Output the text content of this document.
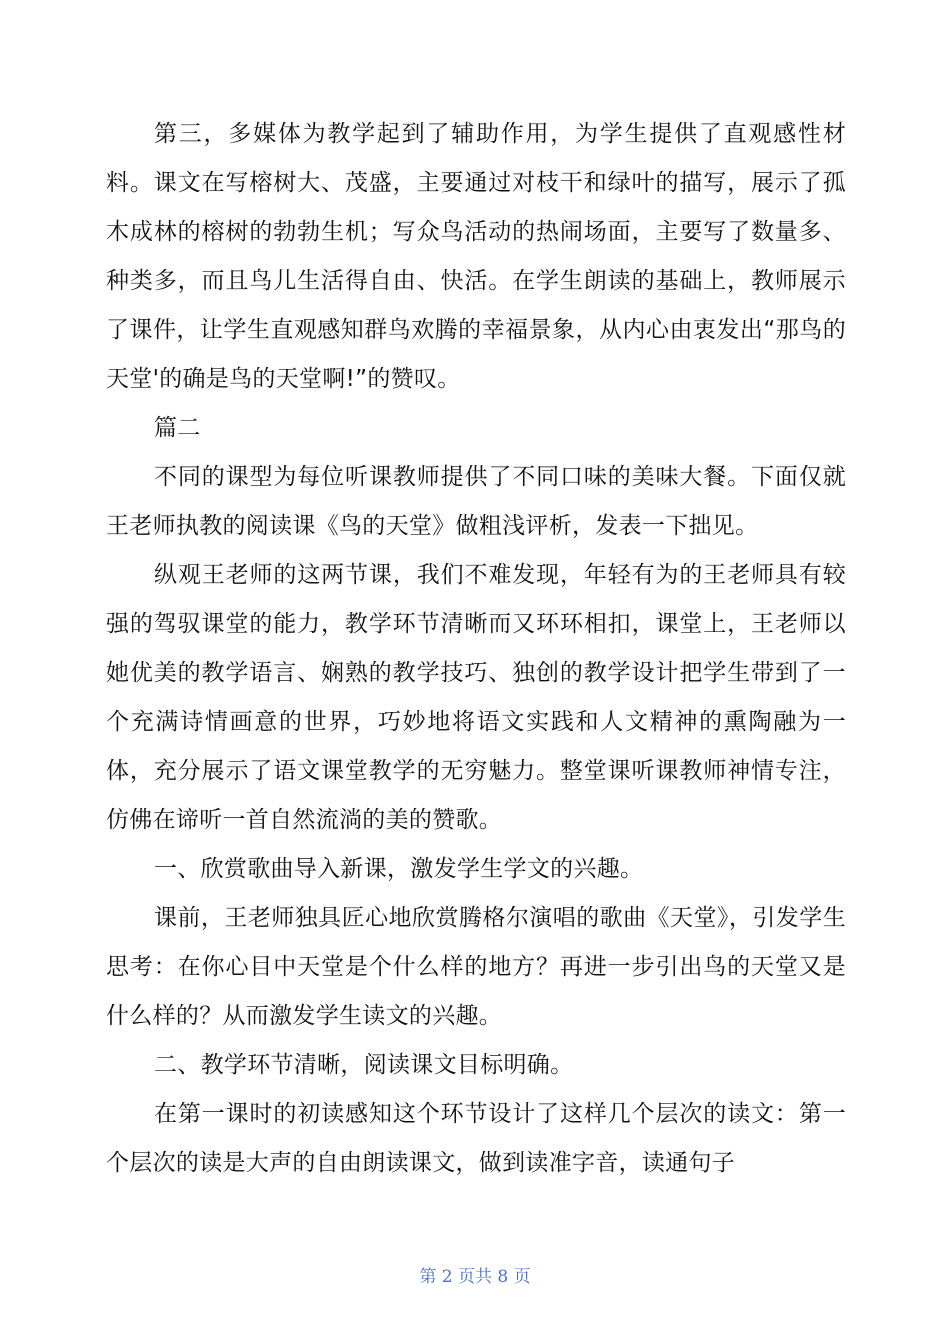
第三，多媒体为教学起到了辅助作用，为学生提供了直观感性材料。课文在写榕树大、茂盛，主要通过对枝干和绿叶的描写，展示了孤木成林的榕树的勃勃生机；写众鸟活动的热闹场面，主要写了数量多、种类多，而且鸟儿生活得自由、快活。在学生朗读的基础上，教师展示了课件，让学生直观感知群鸟欢腾的幸福景象，从内心由衷发出“那鸟的天堂'的确是鸟的天堂啊!”的赞叹。

篇二

不同的课型为每位听课教师提供了不同口味的美味大餐。下面仅就王老师执教的阅读课《鸟的天堂》做粗浅评析，发表一下拙见。

纵观王老师的这两节课，我们不难发现，年轻有为的王老师具有较强的驾驭课堂的能力，教学环节清晰而又环环相扣，课堂上，王老师以她优美的教学语言、娴熟的教学技巧、独创的教学设计把学生带到了一个充满诗情画意的世界，巧妙地将语文实践和人文精神的熏陶融为一体，充分展示了语文课堂教学的无穷魅力。整堂课听课教师神情专注，仿佛在谛听一首自然流淌的美的赞歌。

一、欣赏歌曲导入新课，激发学生学文的兴趣。

课前，王老师独具匠心地欣赏腾格尔演唱的歌曲《天堂》，引发学生思考：在你心目中天堂是个什么样的地方？再进一步引出鸟的天堂又是什么样的？从而激发学生读文的兴趣。

二、教学环节清晰，阅读课文目标明确。

在第一课时的初读感知这个环节设计了这样几个层次的读文：第一个层次的读是大声的自由朗读课文，做到读准字音，读通句子

第 2 页共 8 页
